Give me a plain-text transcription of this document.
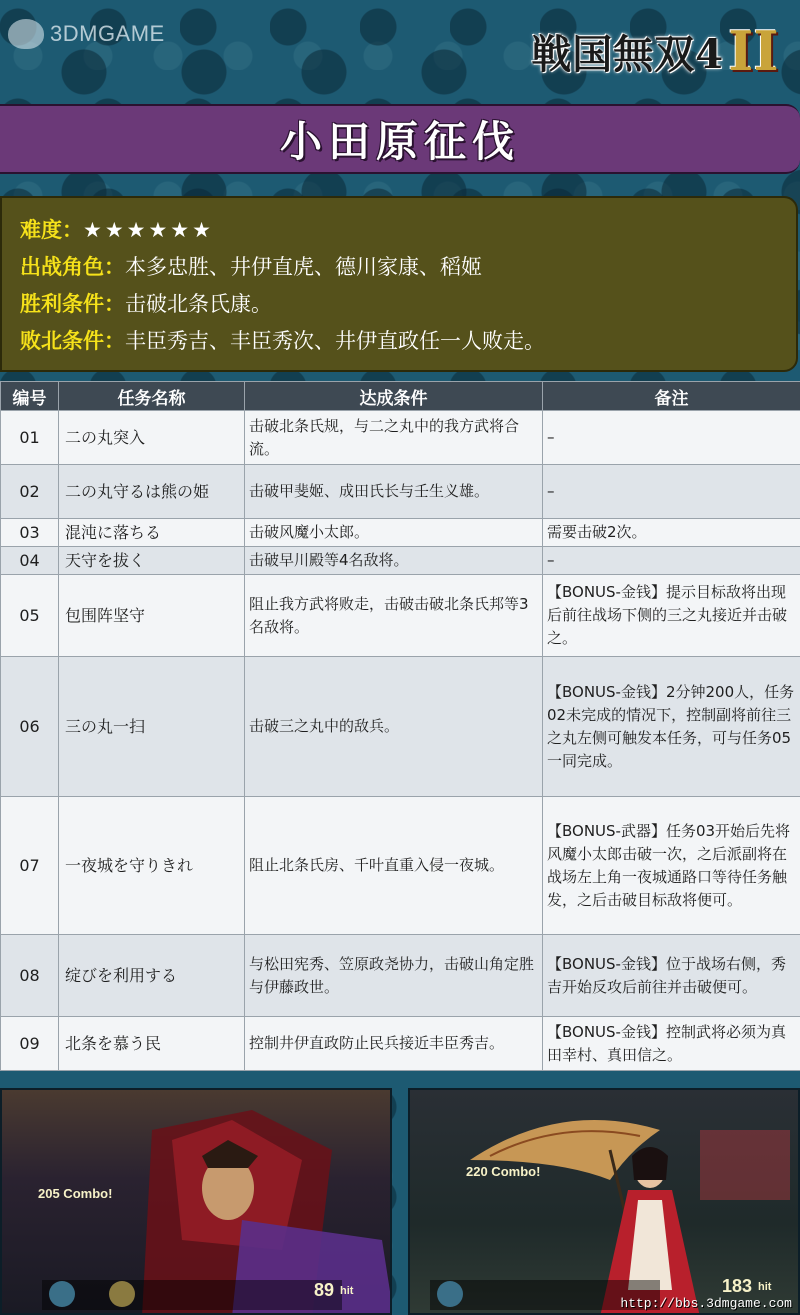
3DMGAME	戦国無双4 II
小田原征伐
难度：★★★★★★
出战角色：本多忠胜、井伊直虎、德川家康、稻姬
胜利条件：击破北条氏康。
败北条件：丰臣秀吉、丰臣秀次、井伊直政任一人败走。
编号	任务名称	达成条件	备注
01	二の丸突入	击破北条氏规，与二之丸中的我方武将合流。	–
02	二の丸守るは熊の姫	击破甲斐姬、成田氏长与壬生义雄。	–
03	混沌に落ちる	击破风魔小太郎。	需要击破2次。
04	天守を拔く	击破早川殿等4名敌将。	–
05	包围阵坚守	阻止我方武将败走，击破击破北条氏邦等3名敌将。	【BONUS-金钱】提示目标敌将出现后前往战场下侧的三之丸接近并击破之。
06	三の丸一扫	击破三之丸中的敌兵。	【BONUS-金钱】2分钟200人，任务02未完成的情况下，控制副将前往三之丸左侧可触发本任务，可与任务05一同完成。
07	一夜城を守りきれ	阻止北条氏房、千叶直重入侵一夜城。	【BONUS-武器】任务03开始后先将风魔小太郎击破一次，之后派副将在战场左上角一夜城通路口等待任务触发，之后击破目标敌将便可。
08	绽びを利用する	与松田宪秀、笠原政尧协力，击破山角定胜与伊藤政世。	【BONUS-金钱】位于战场右侧，秀吉开始反攻后前往并击破便可。
09	北条を慕う民	控制井伊直政防止民兵接近丰臣秀吉。	【BONUS-金钱】控制武将必须为真田幸村、真田信之。
205 Combo!
89 hit
220 Combo!
183 hit
http://bbs.3dmgame.com
